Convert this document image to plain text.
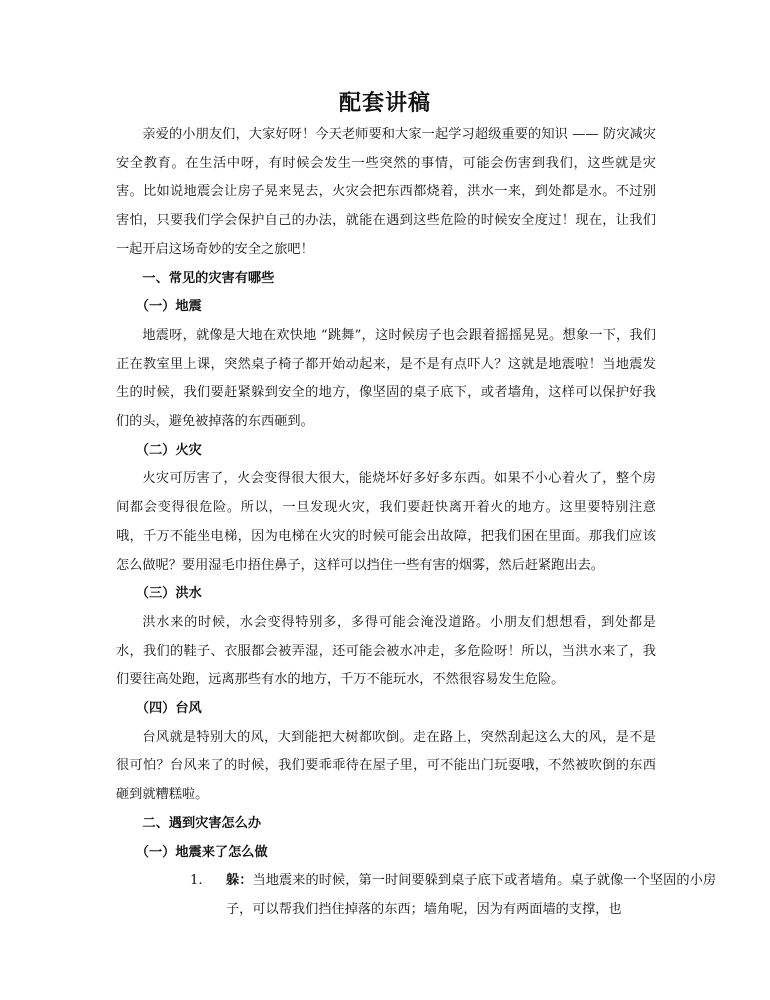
配套讲稿

亲爱的小朋友们，大家好呀！今天老师要和大家一起学习超级重要的知识 —— 防灾减灾安全教育。在生活中呀，有时候会发生一些突然的事情，可能会伤害到我们，这些就是灾害。比如说地震会让房子晃来晃去，火灾会把东西都烧着，洪水一来，到处都是水。不过别害怕，只要我们学会保护自己的办法，就能在遇到这些危险的时候安全度过！现在，让我们一起开启这场奇妙的安全之旅吧！

一、常见的灾害有哪些

（一）地震

地震呀，就像是大地在欢快地 “跳舞”，这时候房子也会跟着摇摇晃晃。想象一下，我们正在教室里上课，突然桌子椅子都开始动起来，是不是有点吓人？这就是地震啦！当地震发生的时候，我们要赶紧躲到安全的地方，像坚固的桌子底下，或者墙角，这样可以保护好我们的头，避免被掉落的东西砸到。

（二）火灾

火灾可厉害了，火会变得很大很大，能烧坏好多好多东西。如果不小心着火了，整个房间都会变得很危险。所以，一旦发现火灾，我们要赶快离开着火的地方。这里要特别注意哦，千万不能坐电梯，因为电梯在火灾的时候可能会出故障，把我们困在里面。那我们应该怎么做呢？要用湿毛巾捂住鼻子，这样可以挡住一些有害的烟雾，然后赶紧跑出去。

（三）洪水

洪水来的时候，水会变得特别多，多得可能会淹没道路。小朋友们想想看，到处都是水，我们的鞋子、衣服都会被弄湿，还可能会被水冲走，多危险呀！所以，当洪水来了，我们要往高处跑，远离那些有水的地方，千万不能玩水，不然很容易发生危险。

（四）台风

台风就是特别大的风，大到能把大树都吹倒。走在路上，突然刮起这么大的风，是不是很可怕？台风来了的时候，我们要乖乖待在屋子里，可不能出门玩耍哦，不然被吹倒的东西砸到就糟糕啦。

二、遇到灾害怎么办

（一）地震来了怎么做

1.	躲：当地震来的时候，第一时间要躲到桌子底下或者墙角。桌子就像一个坚固的小房子，可以帮我们挡住掉落的东西；墙角呢，因为有两面墙的支撑，也
